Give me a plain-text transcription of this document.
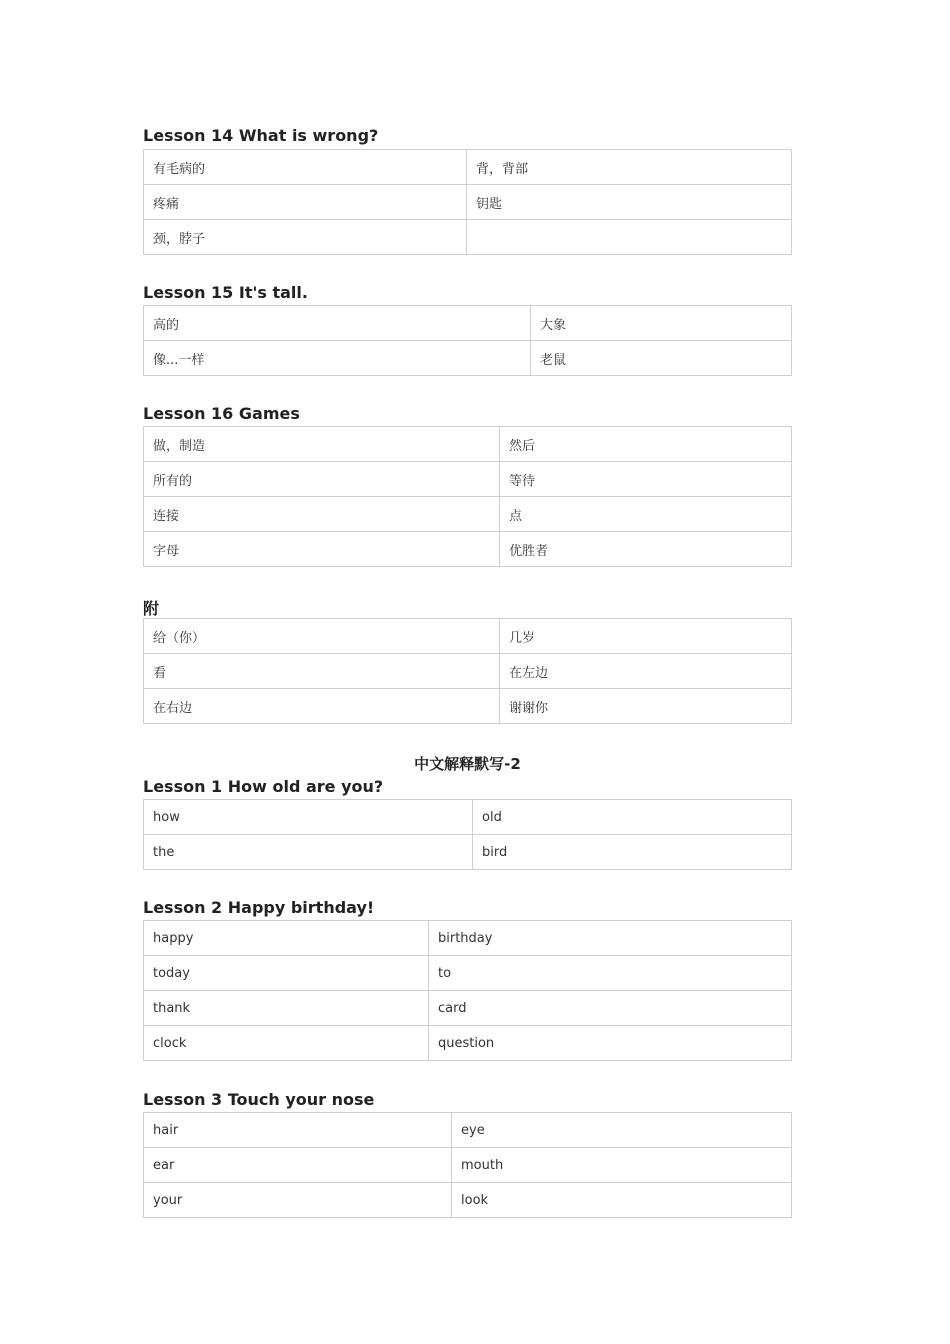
Lesson 14 What is wrong?
有毛病的	背，背部
疼痛	钥匙
颈，脖子	
Lesson 15 It's tall.
高的	大象
像...一样	老鼠
Lesson 16 Games
做，制造	然后
所有的	等待
连接	点
字母	优胜者
附
给（你）	几岁
看	在左边
在右边	谢谢你
中文解释默写-2
Lesson 1 How old are you?
how	old
the	bird
Lesson 2 Happy birthday!
happy	birthday
today	to
thank	card
clock	question
Lesson 3 Touch your nose
hair	eye
ear	mouth
your	look
